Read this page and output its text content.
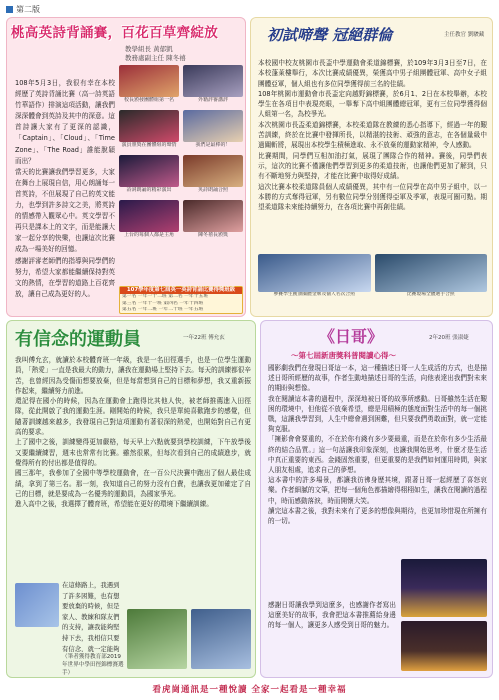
第二版
桃高英詩背誦賽，百花百草齊綻放
教學組長 黃郁凱
教務處副主任 陳冬禧

108年5月3日，我很有幸在本校經歷了英詩背誦比賽（高一詩英語竹華語作）排演這項活動，讓我們深深體會到英詩及其中的深意。這首詩讓大家有了更深的認識，「Captain」、「Cloud」、「Time Zone」、「The Road」誰能脫穎而出？
當天的比賽讓我們學習更多，大家在舞台上展現自信，用心朗誦每一首英詩，不但展現了自己的英文能力，也學到許多詩文之美，將英詩的情感帶入觀眾心中。英文學習不再只是課本上的文字，而是能讓大家一起分享的快樂，也讓這次比賽成為一場美好的回憶。
感謝評審老師們的指導與同學們的努力，希望大家都能繼續保持對英文的熱情，在學習的道路上百花齊放，讓自己成為更好的人。

校長頒發團體組第一名	外籍評審講評
演員頒獎在團體組的聲情	我們是最棒的！
詩詞朗誦的精彩演出	英詩朗誦合照
上台的每個人都是主角	陳冬禧長頒獎
107學年度第七屆英一英詩背誦比賽得獎班級
第一名 一年一十二班 第二名 一年十五班
第三名 一年十一班 第四名 一年十四班
第五名 一年二班 一年二十班 一年五班
初試啼聲 冠絕群倫	主任教官 劉駿藏

本校國中校友桃園市長盃中學運動會柔道錦標賽，於109年3月3日至7日，在本校蓬萊樓舉行，本次比賽成績優異，榮獲高中男子組團體冠軍、高中女子組團體亞軍，個人組也有多位同學獲得前三名的佳績。
108年桃園市運動會市長盃定向越野錦標賽，於6月1、2日在本校舉辦，本校學生在各項目中表現亮眼，一舉奪下高中組團體總冠軍，更有三位同學獲得個人組第一名，為校爭光。
本次桃園市長盃柔道錦標賽，本校柔道隊在教練的悉心指導下，經過一年的艱苦訓練，終於在比賽中發揮所長，以精湛的技術、頑強的意志，在各個量級中過關斬將，展現出本校學生積極進取、永不放棄的運動家精神，令人感動。
比賽期間，同學們互相加油打氣，展現了團隊合作的精神。賽後，同學們表示，這次的比賽不僅讓他們學習到更多的柔道技術，也讓他們更加了解到，只有不斷地努力與堅持，才能在比賽中取得好成績。
這次比賽本校柔道隊員個人成績優異，其中有一位同學在高中男子組中，以一本勝的方式奪得冠軍，另有數位同學分別獲得亞軍及季軍，表現可圈可點。期望柔道隊未來能持續努力，在各項比賽中再創佳績。

參賽學生獲頒團體金牌及個人名次合照	比賽現場全體選手合照
有信念的運動員	一年22班 傅允玄

我叫傅允玄，就讀於本校體育班一年級，我是一名田徑選手，也是一位學生運動員，「熱愛」一直是我最大的動力，讓我在運動場上堅持下去。每天的訓練都很辛苦，也曾經因為受傷而想要放棄，但是每當想到自己的目標和夢想，我又重新振作起來，繼續努力前進。
還記得在國小的時候，因為在運動會上跑得比其他人快，被老師推薦進入田徑隊，從此開啟了我的運動生涯。剛開始的時候，我只是單純喜歡跑步的感覺，但隨著訓練越來越多，我發現自己對這項運動有著很深的熱愛，也開始對自己有更高的要求。
上了國中之後，訓練變得更加嚴格，每天早上六點就要到學校訓練，下午放學後又要繼續練習，週末也常常有比賽。雖然很累，但每次看到自己的成績進步，就覺得所有的付出都是值得的。
國三那年，我參加了全國中等學校運動會，在一百公尺決賽中跑出了個人最佳成績，拿到了第三名。那一刻，我知道自己的努力沒有白費，也讓我更加確定了自己的目標，就是要成為一名優秀的運動員，為國家爭光。
進入高中之後，我選擇了體育班，希望能在更好的環境下繼續訓練。

在這條路上，我遇到了許多困難，也有想要放棄的時候，但是家人、教練和隊友們的支持，讓我能夠堅持下去，我相信只要有信念，就一定能夠

（筆者獲得教育部2019年世界中學田徑錦標賽選手）
《日哥》	2年20班 張淑婕
～第七屆新唐獎科普閱讀心得～

國影劇我們在發現日哥這一本，這一種描述日哥一人生成活的方式，也是描述日哥所經歷的故事，作者生動地描述日哥的生活，向他表達出我們對未來的期盼與想像。
我在閱讀這本書的過程中，深深地被日哥的故事所感動。日哥雖然生活在艱困的環境中，但他從不放棄希望，總是用積極的態度面對生活中的每一個挑戰，這讓我學習到，人生中總會遇到困難，但只要我們勇敢面對，就一定能夠克服。
「擁影會會要重的，不在於你有錢有多少要最重，而是在於你有多少生活最終的結合品質。」這一句話讓我印象深刻，也讓我開始思考，什麼才是生活中真正重要的東西。金錢固然重要，但更重要的是我們如何運用時間，與家人朋友相處，追求自己的夢想。
這本書中的許多場景，都讓我彷彿身歷其境，跟著日哥一起經歷了喜怒哀樂。作者細膩的文筆，把每一個角色都描繪得栩栩如生，讓我在閱讀的過程中，時而感動落淚，時而開懷大笑。
讀完這本書之後，我對未來有了更多的想像與期待，也更加珍惜現在所擁有的一切。

感謝日哥讓我學到這麼多，也感謝作者寫出這麼美好的故事，我會把這本書推薦給身邊的每一個人，讓更多人感受到日哥的魅力。

看虎崗通訊是一種悅讀 全家一起看是一種幸福
